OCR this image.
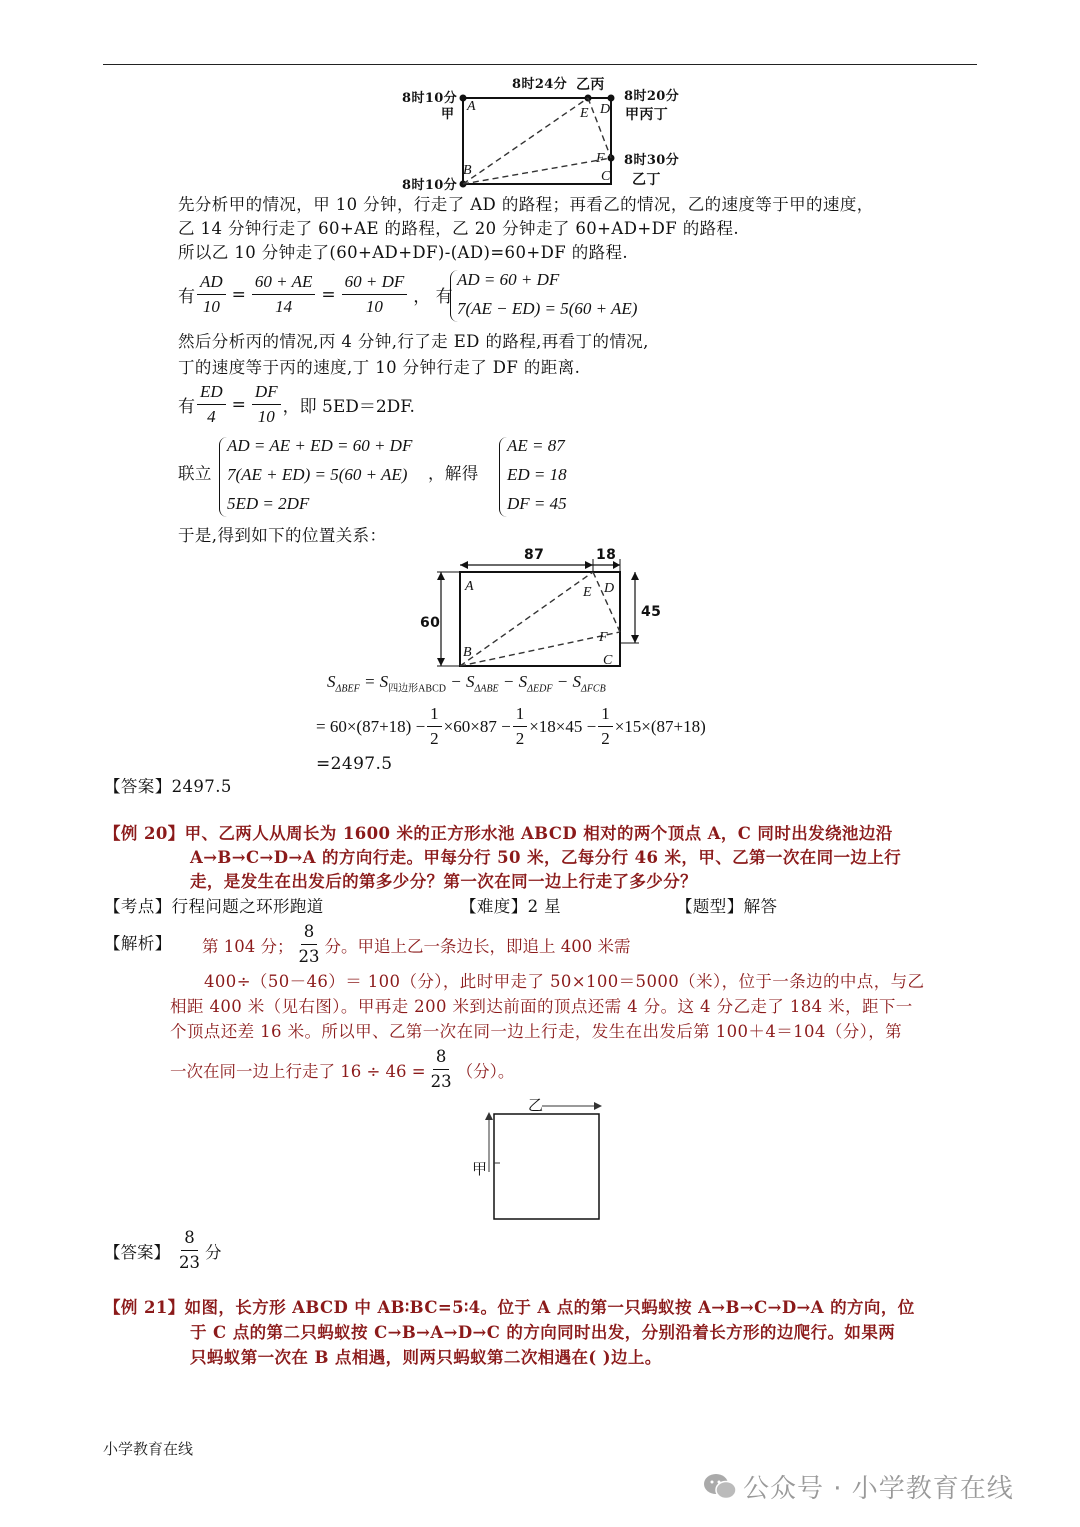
8时10分
甲
8时24分 乙丙
8时20分
甲丙丁
8时30分
乙丁
8时10分
A
B	C
D
E
F
先分析甲的情况，甲 10 分钟，行走了 AD 的路程；再看乙的情况，乙的速度等于甲的速度，
乙 14 分钟行走了 60+AE 的路程，乙 20 分钟走了 60+AD+DF 的路程.
所以乙 10 分钟走了(60+AD+DF)-(AD)=60+DF 的路程.
有 $\frac{AD}{10} = \frac{60 + AE}{14} = \frac{60 + DF}{10}$ ， 有
AD = 60 + DF
7(AE − ED) = 5(60 + AE)
然后分析丙的情况,丙 4 分钟,行了走 ED 的路程,再看丁的情况,
丁的速度等于丙的速度,丁 10 分钟行走了 DF 的距离.
有 $\frac{ED}{4} = \frac{DF}{10}$ ，即 5ED＝2DF.
联立
AD = AE + ED = 60 + DF
7(AE + ED) = 5(60 + AE)
5ED = 2DF
，解得
AE = 87
ED = 18
DF = 45
于是,得到如下的位置关系：
87	18
60
45
A
B
C
D
E
F
$S_{\Delta BEF} = S_{四边形ABCD} - S_{\Delta ABE} - S_{\Delta EDF} - S_{\Delta FCB}$
= $60\times(87+18) - \frac{1}{2} \times 60\times 87 - \frac{1}{2} \times 18\times 45 - \frac{1}{2} \times 15\times(87+18)$
=2497.5
【答案】2497.5
【例 20】甲、乙两人从周长为 1600 米的正方形水池 ABCD 相对的两个顶点 A，C 同时出发绕池边沿
A→B→C→D→A 的方向行走。甲每分行 50 米，乙每分行 46 米，甲、乙第一次在同一边上行
走，是发生在出发后的第多少分？第一次在同一边上行走了多少分？
【考点】行程问题之环形跑道	【难度】2 星	【题型】解答
【解析】 第 104 分； $\frac{8}{23}$ 分。甲追上乙一条边长，即追上 400 米需
400÷（50－46）＝ 100（分），此时甲走了 50×100＝5000（米），位于一条边的中点，与乙
相距 400 米（见右图）。甲再走 200 米到达前面的顶点还需 4 分。这 4 分乙走了 184 米，距下一
个顶点还差 16 米。所以甲、乙第一次在同一边上行走，发生在出发后第 100＋4＝104（分），第
一次在同一边上行走了 $16 \div 46 = \frac{8}{23}$ （分）。
乙
甲
【答案】 $\frac{8}{23}$ 分
【例 21】如图，长方形 ABCD 中 AB∶BC=5∶4。位于 A 点的第一只蚂蚁按 A→B→C→D→A 的方向，位
于 C 点的第二只蚂蚁按 C→B→A→D→C 的方向同时出发，分别沿着长方形的边爬行。如果两
只蚂蚁第一次在 B 点相遇，则两只蚂蚁第二次相遇在( )边上。
小学教育在线
公众号 · 小学教育在线
